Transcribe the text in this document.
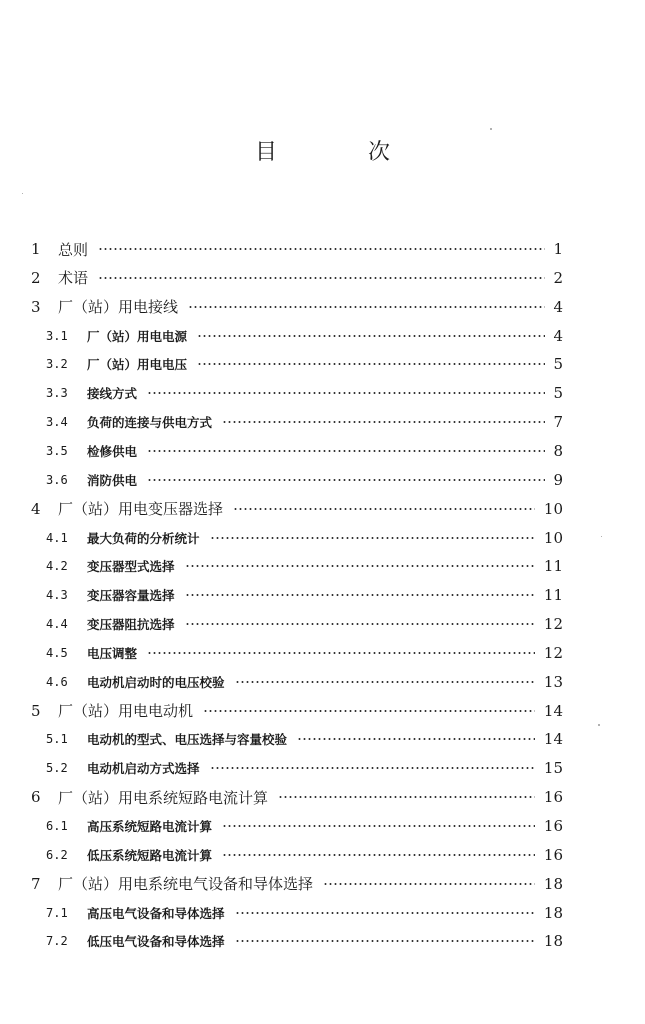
目 次
1	总则	1
2	术语	2
3	厂（站）用电接线	4
3.1 厂（站）用电电源	4
3.2 厂（站）用电电压	5
3.3 接线方式	5
3.4 负荷的连接与供电方式	7
3.5 检修供电	8
3.6 消防供电	9
4	厂（站）用电变压器选择	10
4.1 最大负荷的分析统计	10
4.2 变压器型式选择	11
4.3 变压器容量选择	11
4.4 变压器阻抗选择	12
4.5 电压调整	12
4.6 电动机启动时的电压校验	13
5	厂（站）用电电动机	14
5.1 电动机的型式、电压选择与容量校验	14
5.2 电动机启动方式选择	15
6	厂（站）用电系统短路电流计算	16
6.1 高压系统短路电流计算	16
6.2 低压系统短路电流计算	16
7	厂（站）用电系统电气设备和导体选择	18
7.1 高压电气设备和导体选择	18
7.2 低压电气设备和导体选择	18
